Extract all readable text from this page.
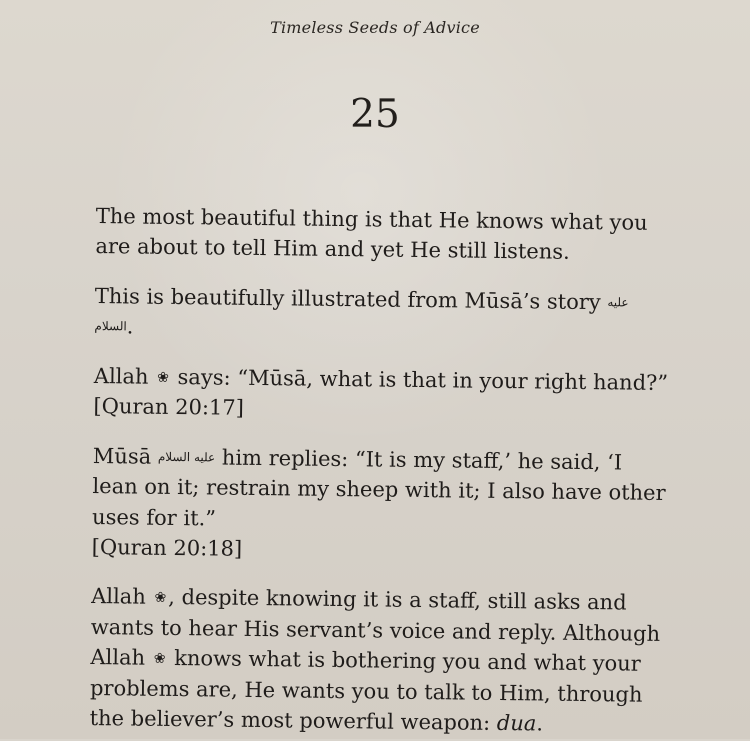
Timeless Seeds of Advice
25

The most beautiful thing is that He knows what you are about to tell Him and yet He still listens.

This is beautifully illustrated from Mūsā’s story عليه السلام.

Allah ❀ says: “Mūsā, what is that in your right hand?”
[Quran 20:17]

Mūsā عليه السلام him replies: “It is my staff,’ he said, ‘I lean on it; restrain my sheep with it; I also have other uses for it.”
[Quran 20:18]

Allah ❀, despite knowing it is a staff, still asks and wants to hear His servant’s voice and reply. Although Allah ❀ knows what is bothering you and what your problems are, He wants you to talk to Him, through the believer’s most powerful weapon: dua.
